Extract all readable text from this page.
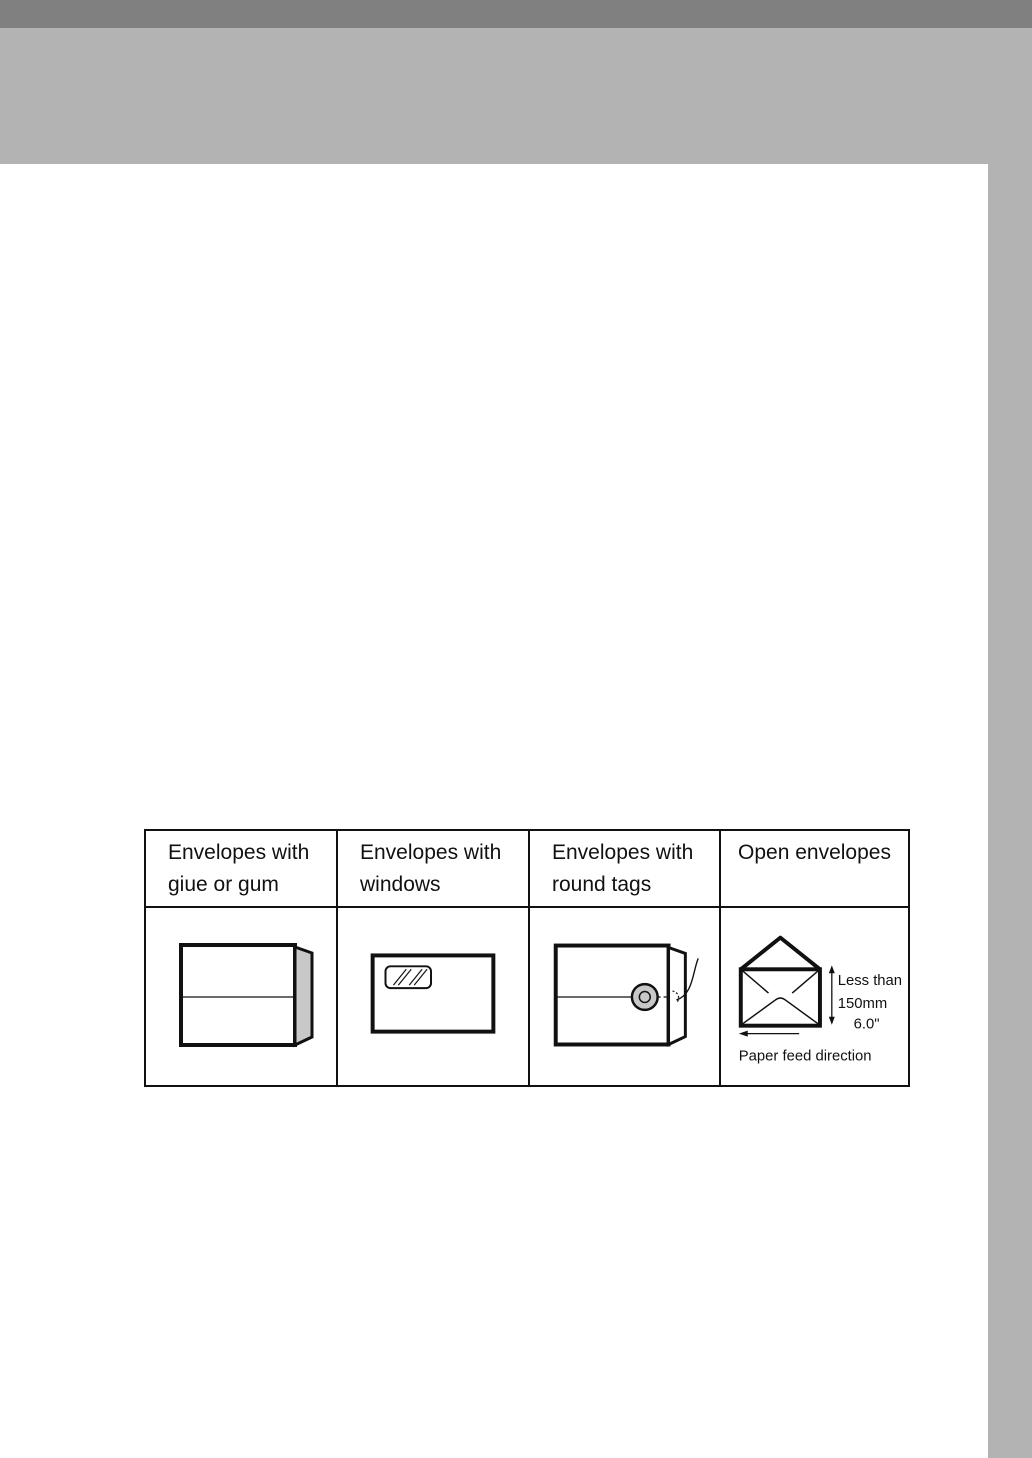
Envelopes with
giue or gum
Envelopes with
windows
Envelopes with
round tags
Open envelopes
Less than
150mm
6.0"
Paper feed direction
